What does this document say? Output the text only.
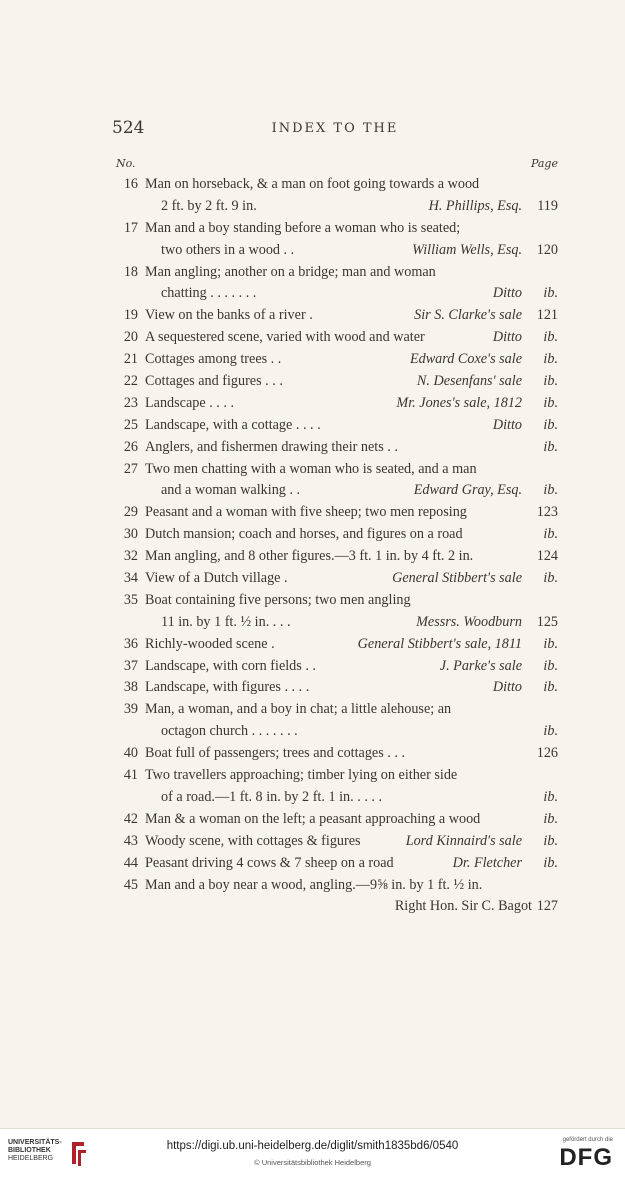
524	INDEX TO THE
No.	Page
16 Man on horseback, & a man on foot going towards a wood
2 ft. by 2 ft. 9 in.	H. Phillips, Esq. 119
17 Man and a boy standing before a woman who is seated;
two others in a wood . .	William Wells, Esq. 120
18 Man angling; another on a bridge; man and woman
chatting . . . . . . .	Ditto ib.
19 View on the banks of a river .	Sir S. Clarke's sale 121
20 A sequestered scene, varied with wood and water	Ditto ib.
21 Cottages among trees . .	Edward Coxe's sale ib.
22 Cottages and figures . . .	N. Desenfans' sale ib.
23 Landscape . . . .	Mr. Jones's sale, 1812 ib.
25 Landscape, with a cottage . . . .	Ditto ib.
26 Anglers, and fishermen drawing their nets . .	ib.
27 Two men chatting with a woman who is seated, and a man
and a woman walking . .	Edward Gray, Esq. ib.
29 Peasant and a woman with five sheep; two men reposing	123
30 Dutch mansion; coach and horses, and figures on a road	ib.
32 Man angling, and 8 other figures.—3 ft. 1 in. by 4 ft. 2 in.	124
34 View of a Dutch village .	General Stibbert's sale ib.
35 Boat containing five persons; two men angling
11 in. by 1 ft. ½ in. . . .	Messrs. Woodburn 125
36 Richly-wooded scene .	General Stibbert's sale, 1811 ib.
37 Landscape, with corn fields . .	J. Parke's sale ib.
38 Landscape, with figures . . . .	Ditto ib.
39 Man, a woman, and a boy in chat; a little alehouse; an
octagon church . . . . . . .	ib.
40 Boat full of passengers; trees and cottages . . .	126
41 Two travellers approaching; timber lying on either side
of a road.—1 ft. 8 in. by 2 ft. 1 in. . . . .	ib.
42 Man & a woman on the left; a peasant approaching a wood	ib.
43 Woody scene, with cottages & figures	Lord Kinnaird's sale ib.
44 Peasant driving 4 cows & 7 sheep on a road	Dr. Fletcher ib.
45 Man and a boy near a wood, angling.—9⅝ in. by 1 ft. ½ in.
Right Hon. Sir C. Bagot 127
UNIVERSITÄTS-
BIBLIOTHEK
HEIDELBERG
https://digi.ub.uni-heidelberg.de/diglit/smith1835bd6/0540
© Universitätsbibliothek Heidelberg
gefördert durch die
DFG
